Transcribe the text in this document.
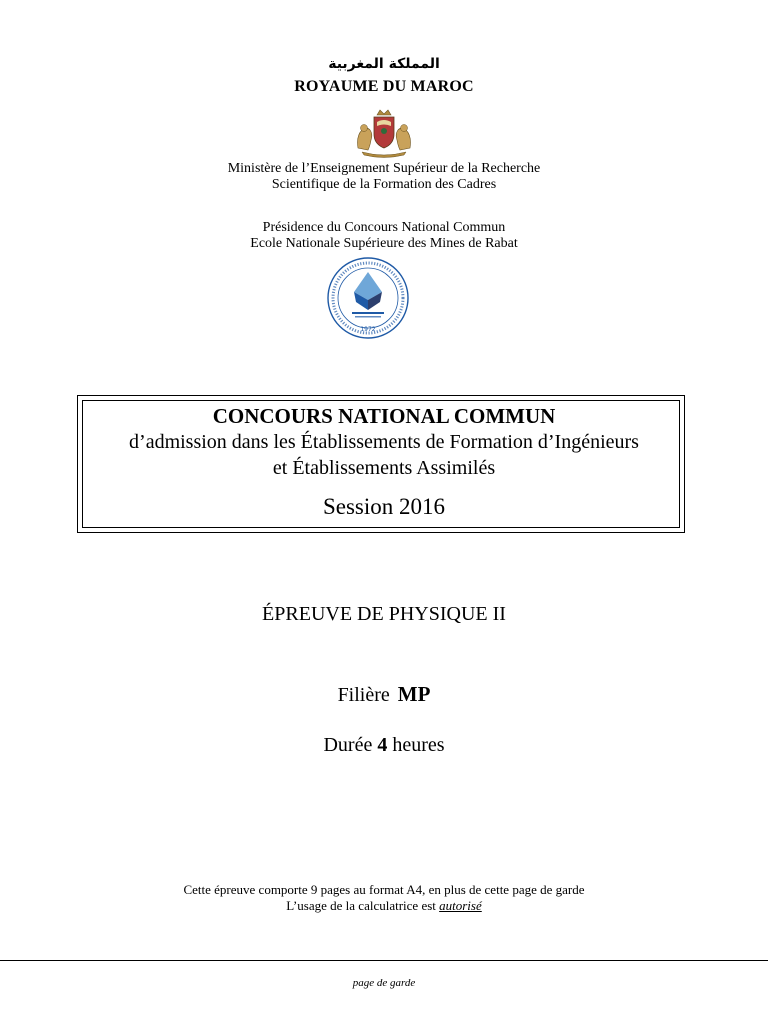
المملكة المغربية
ROYAUME DU MAROC
Ministère de l’Enseignement Supérieur de la Recherche
Scientifique de la Formation des Cadres
Présidence du Concours National Commun
Ecole Nationale Supérieure des Mines de Rabat
1972
CONCOURS NATIONAL COMMUN
d’admission dans les Établissements de Formation d’Ingénieurs
et Établissements Assimilés
Session 2016
ÉPREUVE DE PHYSIQUE II
Filière MP
Durée 4 heures
Cette épreuve comporte 9 pages au format A4, en plus de cette page de garde
L’usage de la calculatrice est autorisé
page de garde
